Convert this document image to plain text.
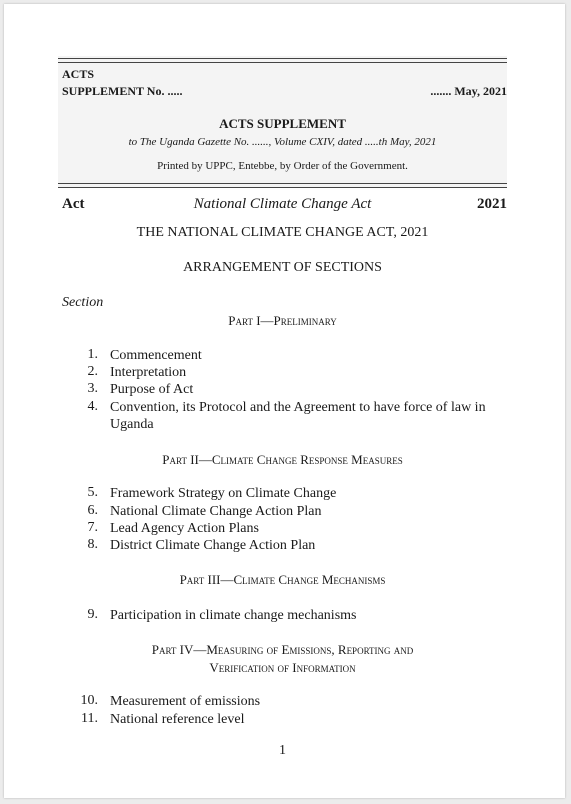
ACTS
SUPPLEMENT No. .....	....... May, 2021
ACTS SUPPLEMENT
to The Uganda Gazette No. ......, Volume CXIV, dated .....th May, 2021
Printed by UPPC, Entebbe, by Order of the Government.
Act	National Climate Change Act	2021
THE NATIONAL CLIMATE CHANGE ACT, 2021
ARRANGEMENT OF SECTIONS
Section
Part I—Preliminary
1. Commencement
2. Interpretation
3. Purpose of Act
4. Convention, its Protocol and the Agreement to have force of law in Uganda
Part II—Climate Change Response Measures
5. Framework Strategy on Climate Change
6. National Climate Change Action Plan
7. Lead Agency Action Plans
8. District Climate Change Action Plan
Part III—Climate Change Mechanisms
9. Participation in climate change mechanisms
Part IV—Measuring of Emissions, Reporting and
Verification of Information
10. Measurement of emissions
11. National reference level
1
